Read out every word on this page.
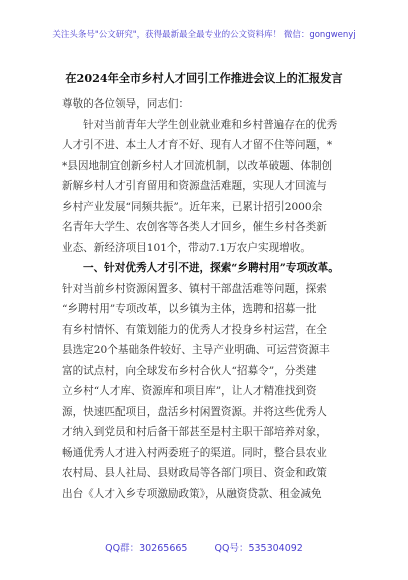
关注头条号"公文研究"，获得最新最全最专业的公文资料库！ 微信：gongwenyj
在2024年全市乡村人才回引工作推进会议上的汇报发言
尊敬的各位领导，同志们：
针对当前青年大学生创业就业难和乡村普遍存在的优秀
人才引不进、本土人才育不好、现有人才留不住等问题，*
*县因地制宜创新乡村人才回流机制，以改革破题、体制创
新解乡村人才引育留用和资源盘活难题，实现人才回流与
乡村产业发展“同频共振”。近年来，已累计招引2000余
名青年大学生、农创客等各类人才回乡，催生乡村各类新
业态、新经济项目101个，带动7.1万农户实现增收。
一、针对优秀人才引不进，探索“乡聘村用”专项改革。
针对当前乡村资源闲置多、镇村干部盘活难等问题，探索
“乡聘村用”专项改革，以乡镇为主体，选聘和招募一批
有乡村情怀、有策划能力的优秀人才投身乡村运营，在全
县选定20个基础条件较好、主导产业明确、可运营资源丰
富的试点村，向全球发布乡村合伙人“招募令”，分类建
立乡村“人才库、资源库和项目库”，让人才精准找到资
源，快速匹配项目，盘活乡村闲置资源。并将这些优秀人
才纳入到党员和村后备干部甚至是村主职干部培养对象，
畅通优秀人才进入村两委班子的渠道。同时，整合县农业
农村局、县人社局、县财政局等各部门项目、资金和政策
出台《人才入乡专项激励政策》，从融资贷款、租金减免
QQ群：30265665	QQ号：535304092
